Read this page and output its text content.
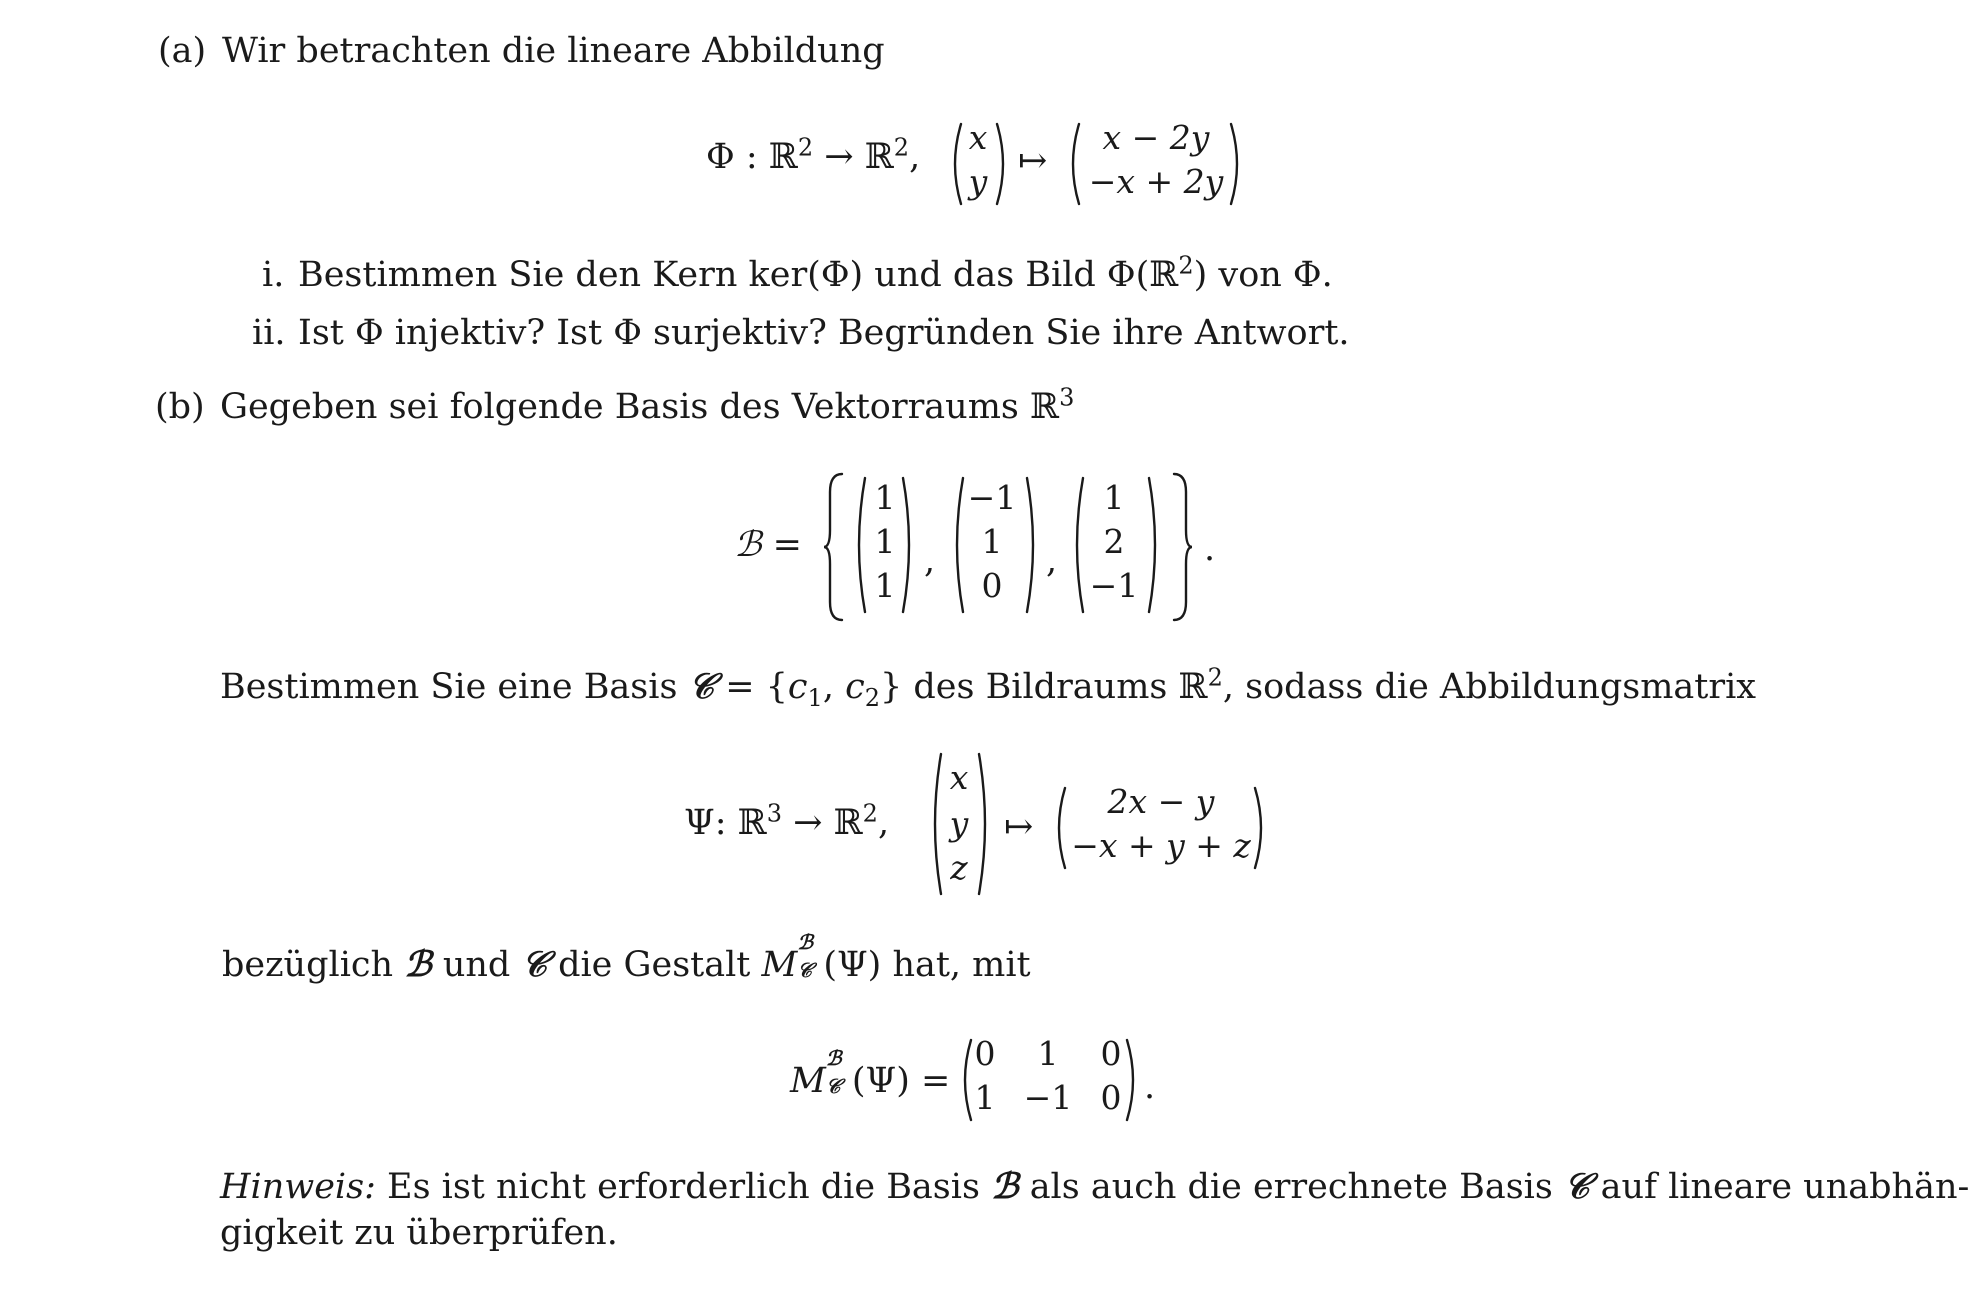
(a) Wir betrachten die lineare Abbildung
Φ : ℝ$^2$ → ℝ$^2$, x
y
↦
x − 2y
−x + 2y
i. Bestimmen Sie den Kern ker(Φ) und das Bild Φ(ℝ$^2$) von Φ.
ii. Ist Φ injektiv? Ist Φ surjektiv? Begründen Sie ihre Antwort.
(b) Gegeben sei folgende Basis des Vektorraums ℝ$^3$
ℬ =
1
1
1
,
−1
1
0
,
1
2
−1
.
Bestimmen Sie eine Basis 𝒞 = {$c_1$, $c_2$} des Bildraums ℝ$^2$, sodass die Abbildungsmatrix
Ψ: ℝ$^3$ → ℝ$^2$,
x
y
z
↦
2x − y
−x + y + z
bezüglich ℬ und 𝒞 die Gestalt M
ℬ
𝒞 (Ψ) hat, mit
M
ℬ
𝒞 (Ψ) =
0	1	0
1 −1 0 .
Hinweis: Es ist nicht erforderlich die Basis ℬ als auch die errechnete Basis 𝒞 auf lineare unabhän-
gigkeit zu überprüfen.
